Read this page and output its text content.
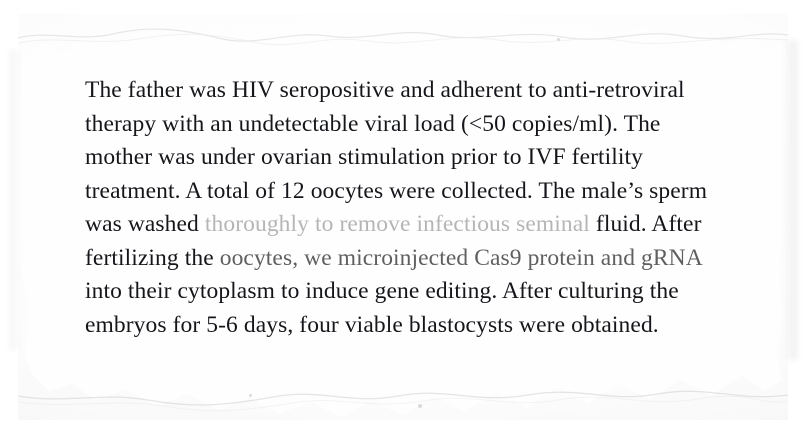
The father was HIV seropositive and adherent to anti-retroviral
therapy with an undetectable viral load (<50 copies/ml). The
mother was under ovarian stimulation prior to IVF fertility
treatment. A total of 12 oocytes were collected. The male’s sperm
was washed thoroughly to remove infectious seminal fluid. After
fertilizing the oocytes, we microinjected Cas9 protein and gRNA
into their cytoplasm to induce gene editing. After culturing the
embryos for 5-6 days, four viable blastocysts were obtained.
